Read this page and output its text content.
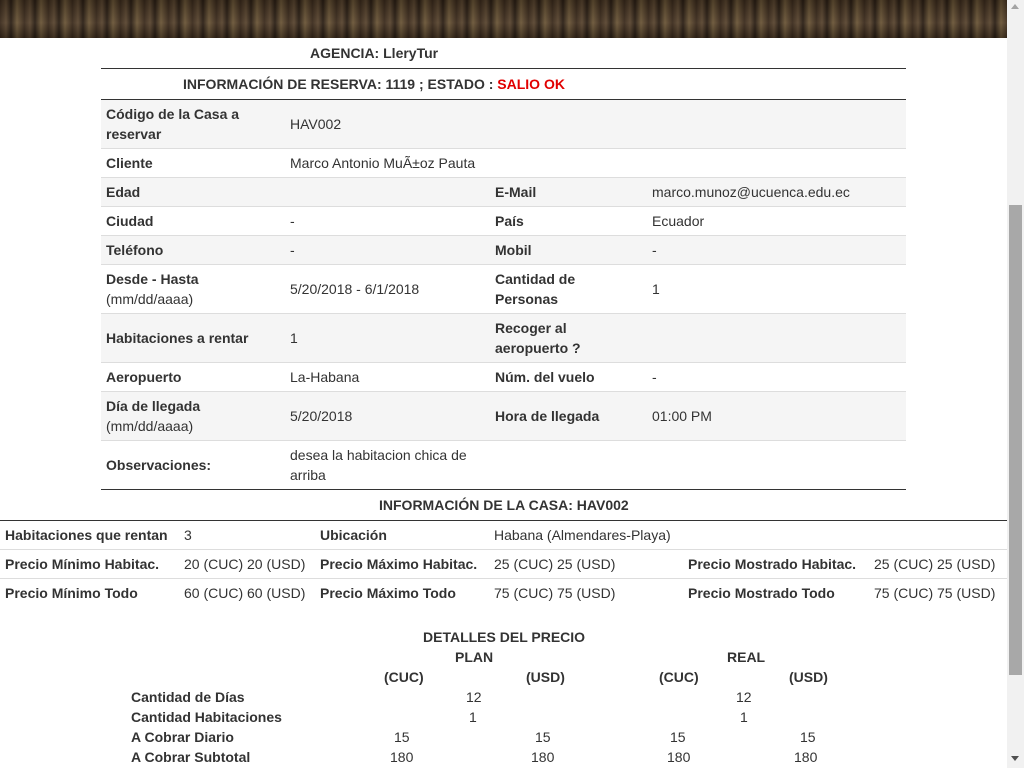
AGENCIA: LleryTur
INFORMACIÓN DE RESERVA: 1119 ; ESTADO : SALIO OK
Código de la Casa a reservar	HAV002		
Cliente	Marco Antonio MuÃ±oz Pauta		
Edad		E-Mail	marco.munoz@ucuenca.edu.ec
Ciudad	-	País	Ecuador
Teléfono	-	Mobil	-
Desde - Hasta
(mm/dd/aaaa)	5/20/2018 - 6/1/2018	Cantidad de Personas	1
Habitaciones a rentar	1	Recoger al aeropuerto ?	
Aeropuerto	La-Habana	Núm. del vuelo	-
Día de llegada
(mm/dd/aaaa)	5/20/2018	Hora de llegada	01:00 PM
Observaciones:	desea la habitacion chica de arriba		
INFORMACIÓN DE LA CASA: HAV002
Habitaciones que rentan	3	Ubicación	Habana (Almendares-Playa)		
Precio Mínimo Habitac.	20 (CUC) 20 (USD)	Precio Máximo Habitac.	25 (CUC) 25 (USD)	Precio Mostrado Habitac.	25 (CUC) 25 (USD)
Precio Mínimo Todo	60 (CUC) 60 (USD)	Precio Máximo Todo	75 (CUC) 75 (USD)	Precio Mostrado Todo	75 (CUC) 75 (USD)
DETALLES DEL PRECIO
PLAN	REAL
(CUC)	(USD)	(CUC)	(USD)
Cantidad de Días	12	12
Cantidad Habitaciones	1	1
A Cobrar Diario	15	15	15	15
A Cobrar Subtotal	180	180	180	180
